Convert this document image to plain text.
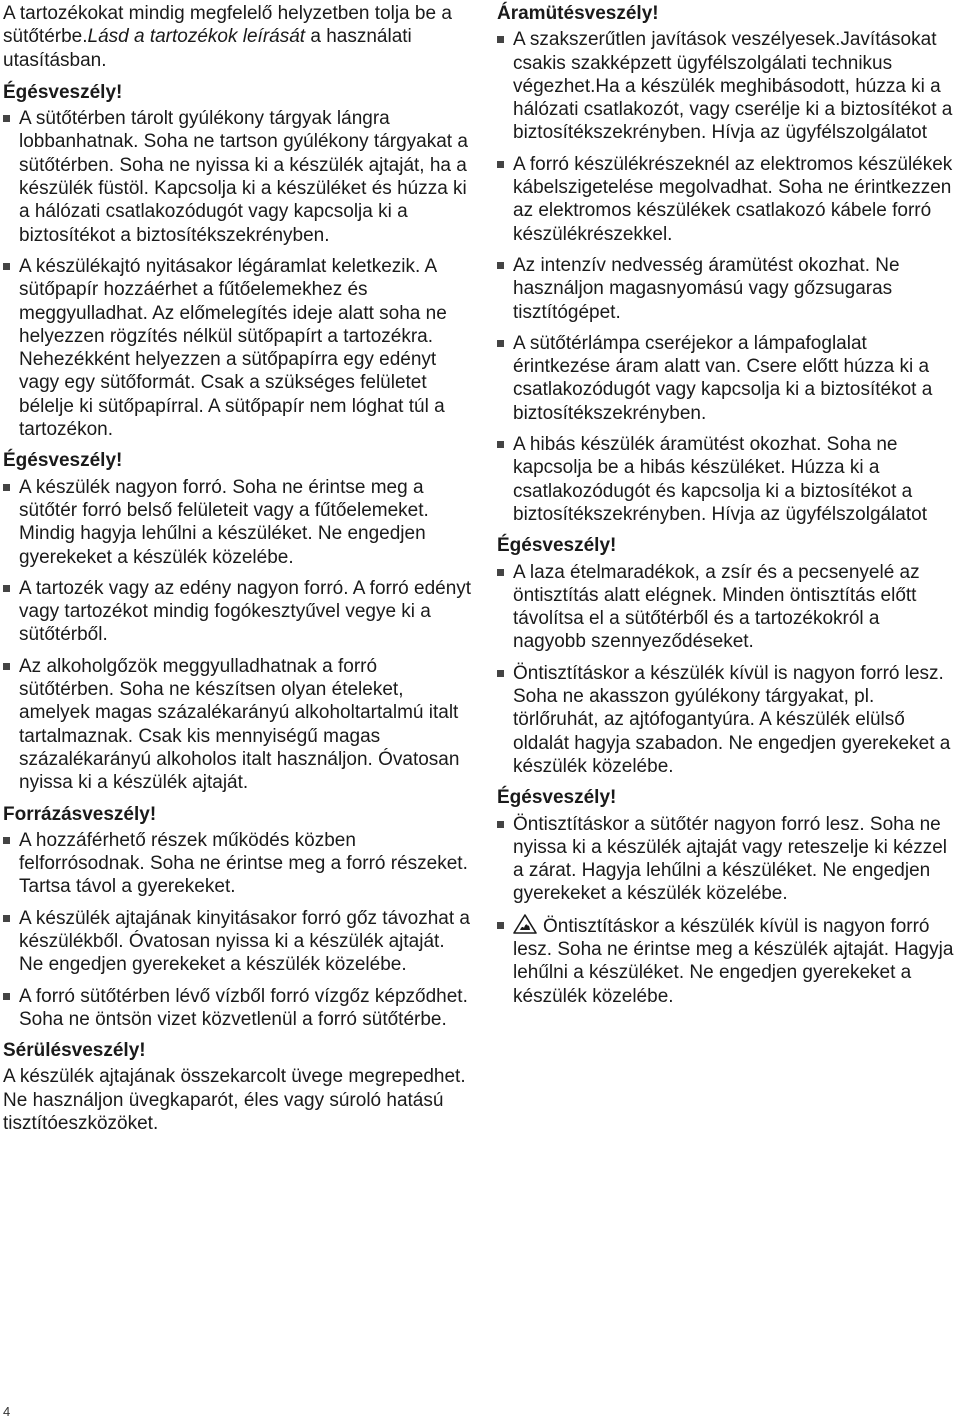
A tartozékokat mindig megfelelő helyzetben tolja be a sütőtérbe.Lásd a tartozékok leírását a használati utasításban.

Égésveszély!

A sütőtérben tárolt gyúlékony tárgyak lángra lobbanhatnak. Soha ne tartson gyúlékony tárgyakat a sütőtérben. Soha ne nyissa ki a készülék ajtaját, ha a készülék füstöl. Kapcsolja ki a készüléket és húzza ki a hálózati csatlakozódugót vagy kapcsolja ki a biztosítékot a biztosítékszekrényben.
A készülékajtó nyitásakor légáramlat keletkezik. A sütőpapír hozzáérhet a fűtőelemekhez és meggyulladhat. Az előmelegítés ideje alatt soha ne helyezzen rögzítés nélkül sütőpapírt a tartozékra. Nehezékként helyezzen a sütőpapírra egy edényt vagy egy sütőformát. Csak a szükséges felületet bélelje ki sütőpapírral. A sütőpapír nem lóghat túl a tartozékon.

Égésveszély!

A készülék nagyon forró. Soha ne érintse meg a sütőtér forró belső felületeit vagy a fűtőelemeket. Mindig hagyja lehűlni a készüléket. Ne engedjen gyerekeket a készülék közelébe.
A tartozék vagy az edény nagyon forró. A forró edényt vagy tartozékot mindig fogókesztyűvel vegye ki a sütőtérből.
Az alkoholgőzök meggyulladhatnak a forró sütőtérben. Soha ne készítsen olyan ételeket, amelyek magas százalékarányú alkoholtartalmú italt tartalmaznak. Csak kis mennyiségű magas százalékarányú alkoholos italt használjon. Óvatosan nyissa ki a készülék ajtaját.

Forrázásveszély!

A hozzáférhető részek működés közben felforrósodnak. Soha ne érintse meg a forró részeket. Tartsa távol a gyerekeket.
A készülék ajtajának kinyitásakor forró gőz távozhat a készülékből. Óvatosan nyissa ki a készülék ajtaját. Ne engedjen gyerekeket a készülék közelébe.
A forró sütőtérben lévő vízből forró vízgőz képződhet. Soha ne öntsön vizet közvetlenül a forró sütőtérbe.

Sérülésveszély!

A készülék ajtajának összekarcolt üvege megrepedhet. Ne használjon üvegkaparót, éles vagy súroló hatású tisztítóeszközöket.

Áramütésveszély!

A szakszerűtlen javítások veszélyesek.Javításokat csakis szakképzett ügyfélszolgálati technikus végezhet.Ha a készülék meghibásodott, húzza ki a hálózati csatlakozót, vagy cserélje ki a biztosítékot a biztosítékszekrényben. Hívja az ügyfélszolgálatot
A forró készülékrészeknél az elektromos készülékek kábelszigetelése megolvadhat. Soha ne érintkezzen az elektromos készülékek csatlakozó kábele forró készülékrészekkel.
Az intenzív nedvesség áramütést okozhat. Ne használjon magasnyomású vagy gőzsugaras tisztítógépet.
A sütőtérlámpa cseréjekor a lámpafoglalat érintkezése áram alatt van. Csere előtt húzza ki a csatlakozódugót vagy kapcsolja ki a biztosítékot a biztosítékszekrényben.
A hibás készülék áramütést okozhat. Soha ne kapcsolja be a hibás készüléket. Húzza ki a csatlakozódugót és kapcsolja ki a biztosítékot a biztosítékszekrényben. Hívja az ügyfélszolgálatot

Égésveszély!

A laza ételmaradékok, a zsír és a pecsenyelé az öntisztítás alatt elégnek. Minden öntisztítás előtt távolítsa el a sütőtérből és a tartozékokról a nagyobb szennyeződéseket.
Öntisztításkor a készülék kívül is nagyon forró lesz. Soha ne akasszon gyúlékony tárgyakat, pl. törlőruhát, az ajtófogantyúra. A készülék elülső oldalát hagyja szabadon. Ne engedjen gyerekeket a készülék közelébe.

Égésveszély!

Öntisztításkor a sütőtér nagyon forró lesz. Soha ne nyissa ki a készülék ajtaját vagy reteszelje ki kézzel a zárat. Hagyja lehűlni a készüléket. Ne engedjen gyerekeket a készülék közelébe.
Öntisztításkor a készülék kívül is nagyon forró lesz. Soha ne érintse meg a készülék ajtaját. Hagyja lehűlni a készüléket. Ne engedjen gyerekeket a készülék közelébe.
4
